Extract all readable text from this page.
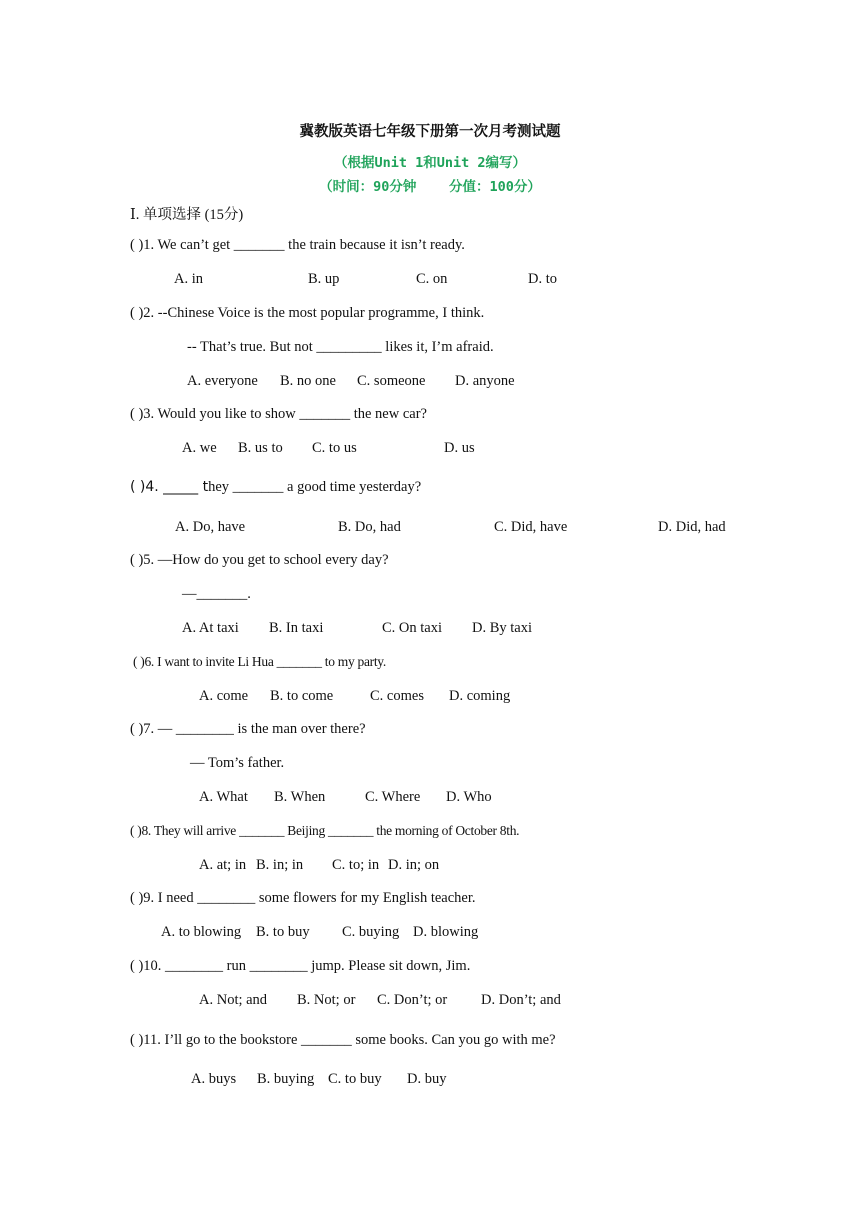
冀教版英语七年级下册第一次月考测试题
（根据Unit 1和Unit 2编写）
（时间：90分钟    分值：100分）
Ⅰ. 单项选择 (15分)
( )1. We can’t get _______ the train because it isn’t ready.
A. in	B. up	C. on	D. to
( )2. --Chinese Voice is the most popular programme, I think.
-- That’s true. But not _________ likes it, I’m afraid.
A. everyone B. no one C. someone D. anyone
( )3. Would you like to show _______ the new car?
A. we B. us to C. to us	D. us
( )4. _____ they _______ a good time yesterday?
A. Do, have	B. Do, had	C. Did, have	D. Did, had
( )5. —How do you get to school every day?
—_______.
A. At taxi B. In taxi	C. On taxi D. By taxi
( )6. I want to invite Li Hua _______ to my party.
A. come B. to come	C. comes D. coming
( )7. — ________ is the man over there?
— Tom’s father.
A. What B. When	C. Where D. Who
( )8. They will arrive _______ Beijing _______ the morning of October 8th.
A. at; in B. in; in C. to; in D. in; on
( )9. I need ________ some flowers for my English teacher.
A. to blowing B. to buy C. buying D. blowing
( )10. ________ run ________ jump. Please sit down, Jim.
A. Not; and B. Not; or C. Don’t; or D. Don’t; and
( )11. I’ll go to the bookstore _______ some books. Can you go with me?
A. buys B. buying C. to buy D. buy
